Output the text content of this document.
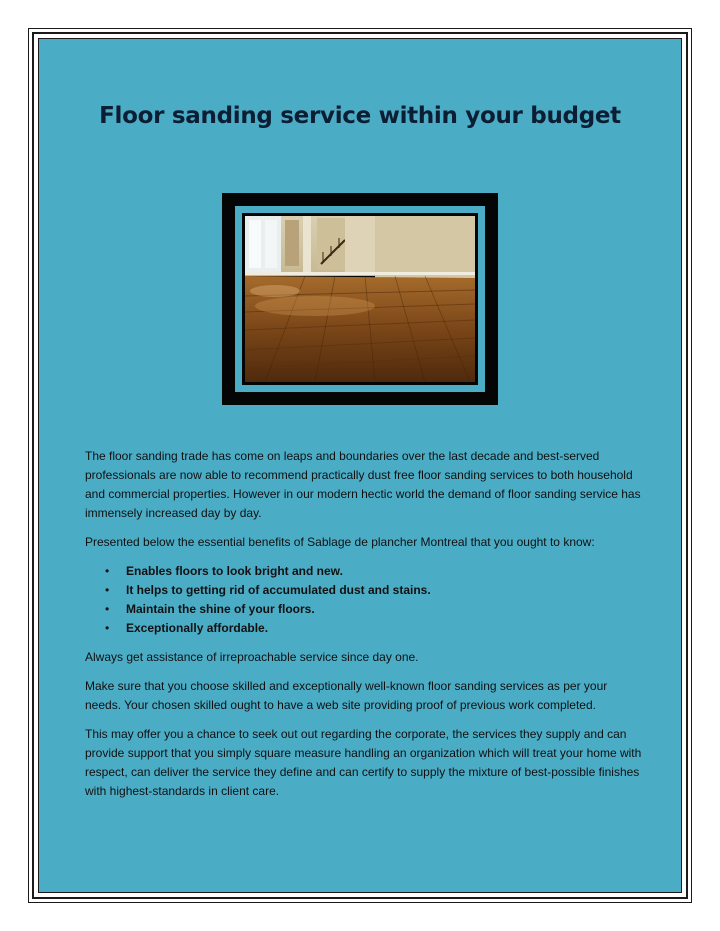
Floor sanding service within your budget

The floor sanding trade has come on leaps and boundaries over the last decade and best-served professionals are now able to recommend practically dust free floor sanding services to both household and commercial properties. However in our modern hectic world the demand of floor sanding service has immensely increased day by day.

Presented below the essential benefits of Sablage de plancher Montreal that you ought to know:

• Enables floors to look bright and new.
• It helps to getting rid of accumulated dust and stains.
• Maintain the shine of your floors.
• Exceptionally affordable.

Always get assistance of irreproachable service since day one.

Make sure that you choose skilled and exceptionally well-known floor sanding services as per your needs. Your chosen skilled ought to have a web site providing proof of previous work completed.

This may offer you a chance to seek out out regarding the corporate, the services they supply and can provide support that you simply square measure handling an organization which will treat your home with respect, can deliver the service they define and can certify to supply the mixture of best-possible finishes with highest-standards in client care.
